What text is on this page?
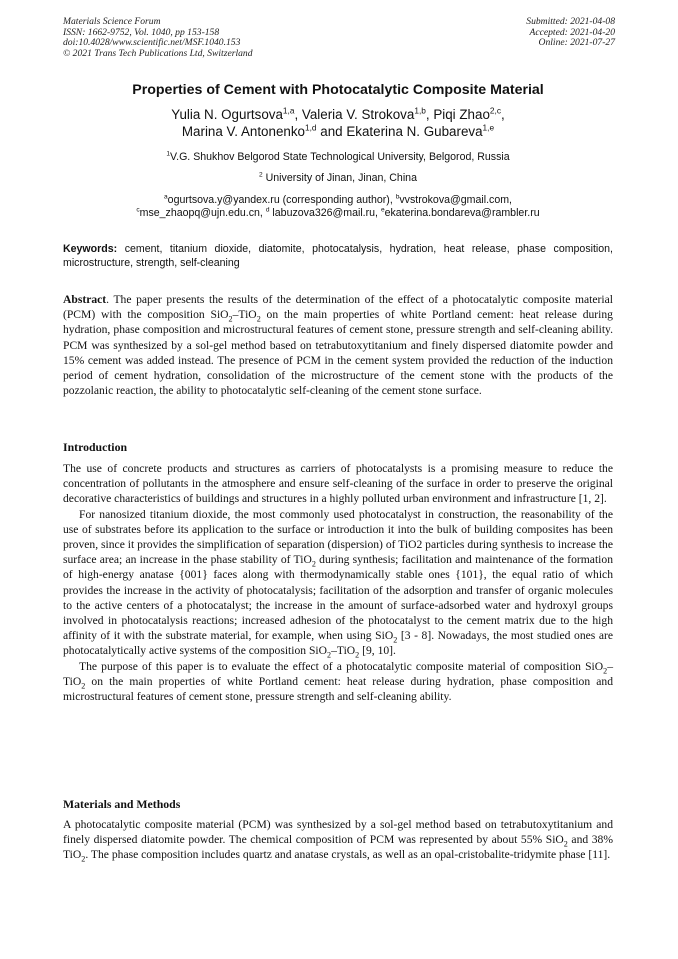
Materials Science Forum
ISSN: 1662-9752, Vol. 1040, pp 153-158
doi:10.4028/www.scientific.net/MSF.1040.153
© 2021 Trans Tech Publications Ltd, Switzerland
Submitted: 2021-04-08
Accepted: 2021-04-20
Online: 2021-07-27
Properties of Cement with Photocatalytic Composite Material
Yulia N. Ogurtsova$^{1,a}$, Valeria V. Strokova$^{1,b}$, Piqi Zhao$^{2,c}$,
Marina V. Antonenko$^{1,d}$ and Ekaterina N. Gubareva$^{1,e}$
$^1$V.G. Shukhov Belgorod State Technological University, Belgorod, Russia
$^2$ University of Jinan, Jinan, China
$^a$ogurtsova.y@yandex.ru (corresponding author), $^b$vvstrokova@gmail.com,
$^c$mse_zhaopq@ujn.edu.cn, $^d$ labuzova326@mail.ru, $^e$ekaterina.bondareva@rambler.ru
Keywords: cement, titanium dioxide, diatomite, photocatalysis, hydration, heat release, phase composition, microstructure, strength, self-cleaning
Abstract. The paper presents the results of the determination of the effect of a photocatalytic composite material (PCM) with the composition SiO$_2$–TiO$_2$ on the main properties of white Portland cement: heat release during hydration, phase composition and microstructural features of cement stone, pressure strength and self-cleaning ability. PCM was synthesized by a sol-gel method based on tetrabutoxytitanium and finely dispersed diatomite powder and 15% cement was added instead. The presence of PCM in the cement system provided the reduction of the induction period of cement hydration, consolidation of the microstructure of the cement stone with the products of the pozzolanic reaction, the ability to photocatalytic self-cleaning of the cement stone surface.
Introduction

The use of concrete products and structures as carriers of photocatalysts is a promising measure to reduce the concentration of pollutants in the atmosphere and ensure self-cleaning of the surface in order to preserve the original decorative characteristics of buildings and structures in a highly polluted urban environment and infrastructure [1, 2].

For nanosized titanium dioxide, the most commonly used photocatalyst in construction, the reasonability of the use of substrates before its application to the surface or introduction it into the bulk of building composites has been proven, since it provides the simplification of separation (dispersion) of TiO2 particles during synthesis to increase the surface area; an increase in the phase stability of TiO$_2$ during synthesis; facilitation and maintenance of the formation of high-energy anatase {001} faces along with thermodynamically stable ones {101}, the equal ratio of which provides the increase in the activity of photocatalysis; facilitation of the adsorption and transfer of organic molecules to the active centers of a photocatalyst; the increase in the amount of surface-adsorbed water and hydroxyl groups involved in photocatalysis reactions; increased adhesion of the photocatalyst to the cement matrix due to the high affinity of it with the substrate material, for example, when using SiO$_2$ [3 - 8]. Nowadays, the most studied ones are photocatalytically active systems of the composition SiO$_2$–TiO$_2$ [9, 10].

The purpose of this paper is to evaluate the effect of a photocatalytic composite material of composition SiO$_2$–TiO$_2$ on the main properties of white Portland cement: heat release during hydration, phase composition and microstructural features of cement stone, pressure strength and self-cleaning ability.

Materials and Methods

A photocatalytic composite material (PCM) was synthesized by a sol-gel method based on tetrabutoxytitanium and finely dispersed diatomite powder. The chemical composition of PCM was represented by about 55% SiO$_2$ and 38% TiO$_2$. The phase composition includes quartz and anatase crystals, as well as an opal-cristobalite-tridymite phase [11].
